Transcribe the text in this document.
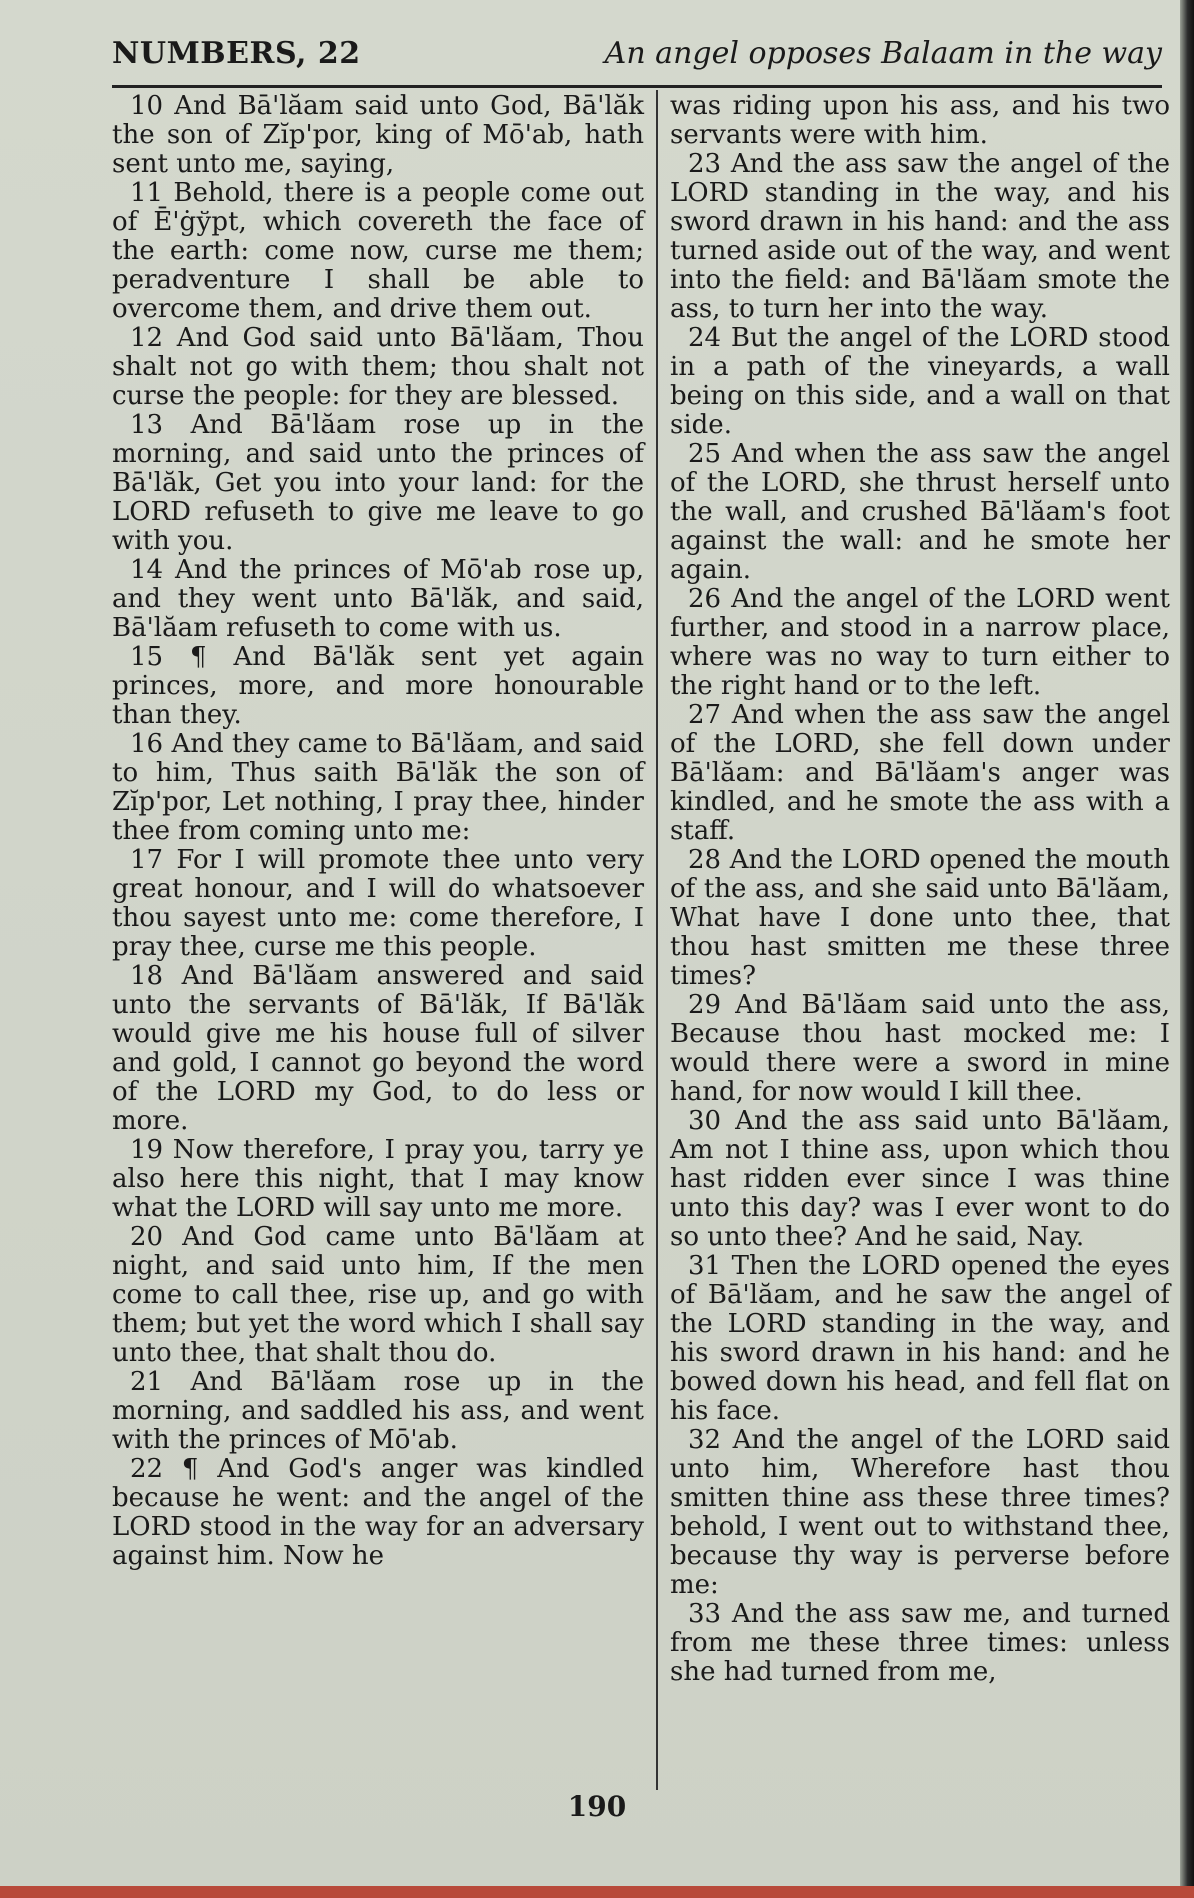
NUMBERS, 22	An angel opposes Balaam in the way

10 And Bā'lăam said unto God, Bā'lăk the son of Zĭp'por, king of Mō'ab, hath sent unto me, saying,

11 Behold, there is a people come out of Ē'ġўpt, which covereth the face of the earth: come now, curse me them; peradventure I shall be able to overcome them, and drive them out.

12 And God said unto Bā'lăam, Thou shalt not go with them; thou shalt not curse the people: for they are blessed.

13 And Bā'lăam rose up in the morning, and said unto the princes of Bā'lăk, Get you into your land: for the LORD refuseth to give me leave to go with you.

14 And the princes of Mō'ab rose up, and they went unto Bā'lăk, and said, Bā'lăam refuseth to come with us.

15 ¶ And Bā'lăk sent yet again princes, more, and more honourable than they.

16 And they came to Bā'lăam, and said to him, Thus saith Bā'lăk the son of Zĭp'por, Let nothing, I pray thee, hinder thee from coming unto me:

17 For I will promote thee unto very great honour, and I will do whatsoever thou sayest unto me: come therefore, I pray thee, curse me this people.

18 And Bā'lăam answered and said unto the servants of Bā'lăk, If Bā'lăk would give me his house full of silver and gold, I cannot go beyond the word of the LORD my God, to do less or more.

19 Now therefore, I pray you, tarry ye also here this night, that I may know what the LORD will say unto me more.

20 And God came unto Bā'lăam at night, and said unto him, If the men come to call thee, rise up, and go with them; but yet the word which I shall say unto thee, that shalt thou do.

21 And Bā'lăam rose up in the morning, and saddled his ass, and went with the princes of Mō'ab.

22 ¶ And God's anger was kindled because he went: and the angel of the LORD stood in the way for an adversary against him. Now he

was riding upon his ass, and his two servants were with him.

23 And the ass saw the angel of the LORD standing in the way, and his sword drawn in his hand: and the ass turned aside out of the way, and went into the field: and Bā'lăam smote the ass, to turn her into the way.

24 But the angel of the LORD stood in a path of the vineyards, a wall being on this side, and a wall on that side.

25 And when the ass saw the angel of the LORD, she thrust herself unto the wall, and crushed Bā'lăam's foot against the wall: and he smote her again.

26 And the angel of the LORD went further, and stood in a narrow place, where was no way to turn either to the right hand or to the left.

27 And when the ass saw the angel of the LORD, she fell down under Bā'lăam: and Bā'lăam's anger was kindled, and he smote the ass with a staff.

28 And the LORD opened the mouth of the ass, and she said unto Bā'lăam, What have I done unto thee, that thou hast smitten me these three times?

29 And Bā'lăam said unto the ass, Because thou hast mocked me: I would there were a sword in mine hand, for now would I kill thee.

30 And the ass said unto Bā'lăam, Am not I thine ass, upon which thou hast ridden ever since I was thine unto this day? was I ever wont to do so unto thee? And he said, Nay.

31 Then the LORD opened the eyes of Bā'lăam, and he saw the angel of the LORD standing in the way, and his sword drawn in his hand: and he bowed down his head, and fell flat on his face.

32 And the angel of the LORD said unto him, Wherefore hast thou smitten thine ass these three times? behold, I went out to withstand thee, because thy way is perverse before me:

33 And the ass saw me, and turned from me these three times: unless she had turned from me,

190
